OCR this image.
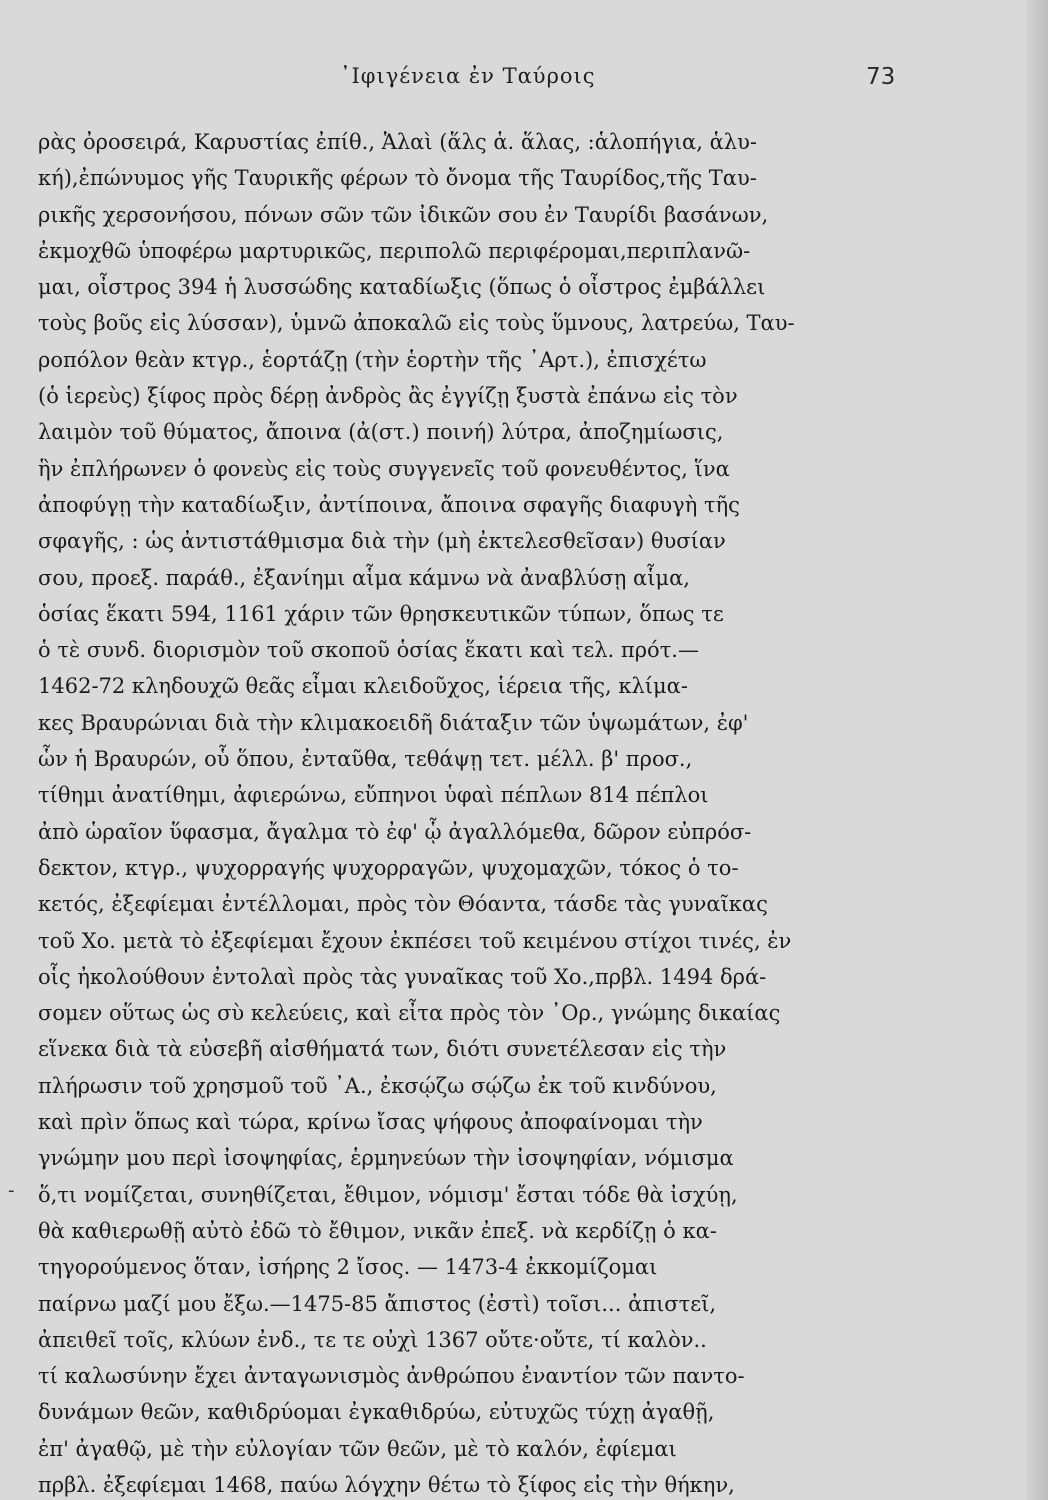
᾿Ιφιγένεια ἐν Ταύροις	73
-
ρὰς ὀροσειρά, Καρυστίας ἐπίθ., Ἁλαὶ (ἅλς ἁ. ἅλας, :ἁλοπήγια, ἁλυ-
κή),ἐπώνυμος γῆς Ταυρικῆς φέρων τὸ ὄνομα τῆς Ταυρίδος,τῆς Ταυ-
ρικῆς χερσονήσου, πόνων σῶν τῶν ἰδικῶν σου ἐν Ταυρίδι βασάνων,
ἐκμοχθῶ ὑποφέρω μαρτυρικῶς, περιπολῶ περιφέρομαι,περιπλανῶ-
μαι, οἶστρος 394 ἡ λυσσώδης καταδίωξις (ὅπως ὁ οἶστρος ἐμβάλλει
τοὺς βοῦς εἰς λύσσαν), ὑμνῶ ἀποκαλῶ εἰς τοὺς ὕμνους, λατρεύω, Ταυ-
ροπόλον θεὰν κτγρ., ἑορτάζῃ (τὴν ἑορτὴν τῆς ᾿Αρτ.), ἐπισχέτω
(ὁ ἱερεὺς) ξίφος πρὸς δέρῃ ἀνδρὸς ἂς ἐγγίζῃ ξυστὰ ἐπάνω εἰς τὸν
λαιμὸν τοῦ θύματος, ἄποινα (ἀ(στ.) ποινή) λύτρα, ἀποζημίωσις,
ἣν ἐπλήρωνεν ὁ φονεὺς εἰς τοὺς συγγενεῖς τοῦ φονευθέντος, ἵνα
ἀποφύγῃ τὴν καταδίωξιν, ἀντίποινα, ἄποινα σφαγῆς διαφυγὴ τῆς
σφαγῆς, : ὡς ἀντιστάθμισμα διὰ τὴν (μὴ ἐκτελεσθεῖσαν) θυσίαν
σου, προεξ. παράθ., ἐξανίημι αἷμα κάμνω νὰ ἀναβλύσῃ αἷμα,
ὁσίας ἕκατι 594, 1161 χάριν τῶν θρησκευτικῶν τύπων, ὅπως τε
ὁ τὲ συνδ. διορισμὸν τοῦ σκοποῦ ὁσίας ἕκατι καὶ τελ. πρότ.—
1462-72 κληδουχῶ θεᾶς εἶμαι κλειδοῦχος, ἱέρεια τῆς, κλίμα-
κες Βραυρώνιαι διὰ τὴν κλιμακοειδῆ διάταξιν τῶν ὑψωμάτων, ἐφ'
ὧν ἡ Βραυρών, οὗ ὅπου, ἐνταῦθα, τεθάψῃ τετ. μέλλ. β' προσ.,
τίθημι ἀνατίθημι, ἀφιερώνω, εὔπηνοι ὑφαὶ πέπλων 814 πέπλοι
ἀπὸ ὡραῖον ὕφασμα, ἄγαλμα τὸ ἐφ' ᾧ ἀγαλλόμεθα, δῶρον εὐπρόσ-
δεκτον, κτγρ., ψυχορραγής ψυχορραγῶν, ψυχομαχῶν, τόκος ὁ το-
κετός, ἐξεφίεμαι ἐντέλλομαι, πρὸς τὸν Θόαντα, τάσδε τὰς γυναῖκας
τοῦ Χο. μετὰ τὸ ἐξεφίεμαι ἔχουν ἐκπέσει τοῦ κειμένου στίχοι τινές, ἐν
οἷς ἠκολούθουν ἐντολαὶ πρὸς τὰς γυναῖκας τοῦ Χο.,πρβλ. 1494 δρά-
σομεν οὕτως ὡς σὺ κελεύεις, καὶ εἶτα πρὸς τὸν ᾿Ορ., γνώμης δικαίας
εἵνεκα διὰ τὰ εὐσεβῆ αἰσθήματά των, διότι συνετέλεσαν εἰς τὴν
πλήρωσιν τοῦ χρησμοῦ τοῦ ᾿Α., ἐκσῴζω σῴζω ἐκ τοῦ κινδύνου,
καὶ πρὶν ὅπως καὶ τώρα, κρίνω ἴσας ψήφους ἀποφαίνομαι τὴν
γνώμην μου περὶ ἰσοψηφίας, ἑρμηνεύων τὴν ἰσοψηφίαν, νόμισμα
ὅ,τι νομίζεται, συνηθίζεται, ἔθιμον, νόμισμ' ἔσται τόδε θὰ ἰσχύῃ,
θὰ καθιερωθῇ αὐτὸ ἐδῶ τὸ ἔθιμον, νικᾶν ἐπεξ. νὰ κερδίζῃ ὁ κα-
τηγορούμενος ὅταν, ἰσήρης 2 ἴσος. — 1473-4 ἐκκομίζομαι
παίρνω μαζί μου ἔξω.—1475-85 ἄπιστος (ἐστὶ) τοῖσι... ἀπιστεῖ,
ἀπειθεῖ τοῖς, κλύων ἐνδ., τε τε οὐχὶ 1367 οὔτε·οὔτε, τί καλὸν..
τί καλωσύνην ἔχει ἀνταγωνισμὸς ἀνθρώπου ἐναντίον τῶν παντο-
δυνάμων θεῶν, καθιδρύομαι ἐγκαθιδρύω, εὐτυχῶς τύχῃ ἀγαθῇ,
ἐπ' ἀγαθῷ, μὲ τὴν εὐλογίαν τῶν θεῶν, μὲ τὸ καλόν, ἐφίεμαι
πρβλ. ἐξεφίεμαι 1468, παύω λόγχην θέτω τὸ ξίφος εἰς τὴν θήκην,
